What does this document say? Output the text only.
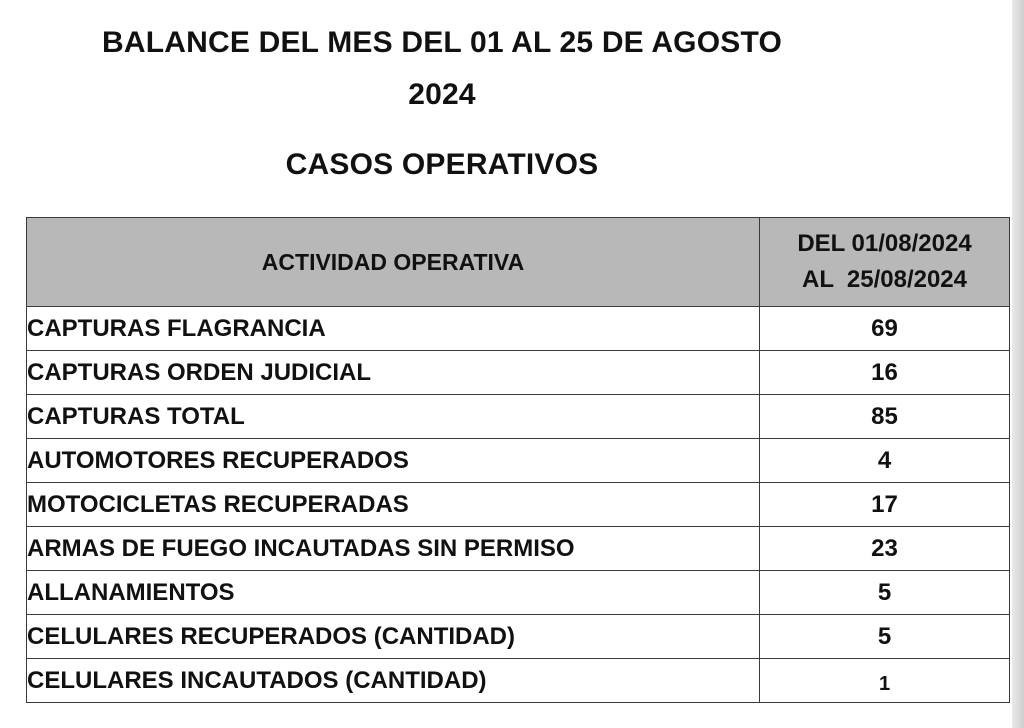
BALANCE DEL MES DEL 01 AL 25 DE AGOSTO
2024
CASOS OPERATIVOS
ACTIVIDAD OPERATIVA	DEL 01/08/2024
AL  25/08/2024

CAPTURAS FLAGRANCIA	69
CAPTURAS ORDEN JUDICIAL	16
CAPTURAS TOTAL	85
AUTOMOTORES RECUPERADOS	4
MOTOCICLETAS RECUPERADAS	17
ARMAS DE FUEGO INCAUTADAS SIN PERMISO	23
ALLANAMIENTOS	5
CELULARES RECUPERADOS (CANTIDAD)	5
CELULARES INCAUTADOS (CANTIDAD)	1
